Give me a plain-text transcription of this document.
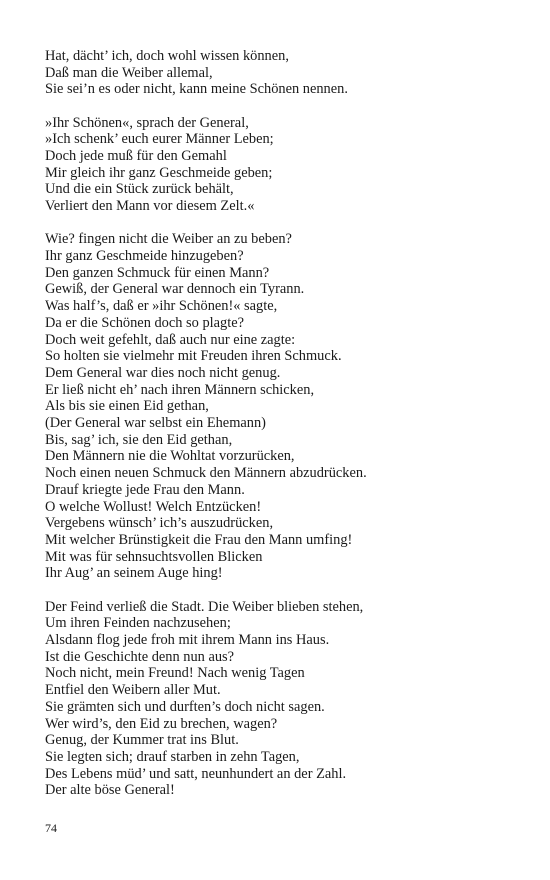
Hat, dächt’ ich, doch wohl wissen können,
Daß man die Weiber allemal,
Sie sei’n es oder nicht, kann meine Schönen nennen.
»Ihr Schönen«, sprach der General,
»Ich schenk’ euch eurer Männer Leben;
Doch jede muß für den Gemahl
Mir gleich ihr ganz Geschmeide geben;
Und die ein Stück zurück behält,
Verliert den Mann vor diesem Zelt.«
Wie? fingen nicht die Weiber an zu beben?
Ihr ganz Geschmeide hinzugeben?
Den ganzen Schmuck für einen Mann?
Gewiß, der General war dennoch ein Tyrann.
Was half’s, daß er »ihr Schönen!« sagte,
Da er die Schönen doch so plagte?
Doch weit gefehlt, daß auch nur eine zagte:
So holten sie vielmehr mit Freuden ihren Schmuck.
Dem General war dies noch nicht genug.
Er ließ nicht eh’ nach ihren Männern schicken,
Als bis sie einen Eid gethan,
(Der General war selbst ein Ehemann)
Bis, sag’ ich, sie den Eid gethan,
Den Männern nie die Wohltat vorzurücken,
Noch einen neuen Schmuck den Männern abzudrücken.
Drauf kriegte jede Frau den Mann.
O welche Wollust! Welch Entzücken!
Vergebens wünsch’ ich’s auszudrücken,
Mit welcher Brünstigkeit die Frau den Mann umfing!
Mit was für sehnsuchtsvollen Blicken
Ihr Aug’ an seinem Auge hing!
Der Feind verließ die Stadt. Die Weiber blieben stehen,
Um ihren Feinden nachzusehen;
Alsdann flog jede froh mit ihrem Mann ins Haus.
Ist die Geschichte denn nun aus?
Noch nicht, mein Freund! Nach wenig Tagen
Entfiel den Weibern aller Mut.
Sie grämten sich und durften’s doch nicht sagen.
Wer wird’s, den Eid zu brechen, wagen?
Genug, der Kummer trat ins Blut.
Sie legten sich; drauf starben in zehn Tagen,
Des Lebens müd’ und satt, neunhundert an der Zahl.
Der alte böse General!
74
